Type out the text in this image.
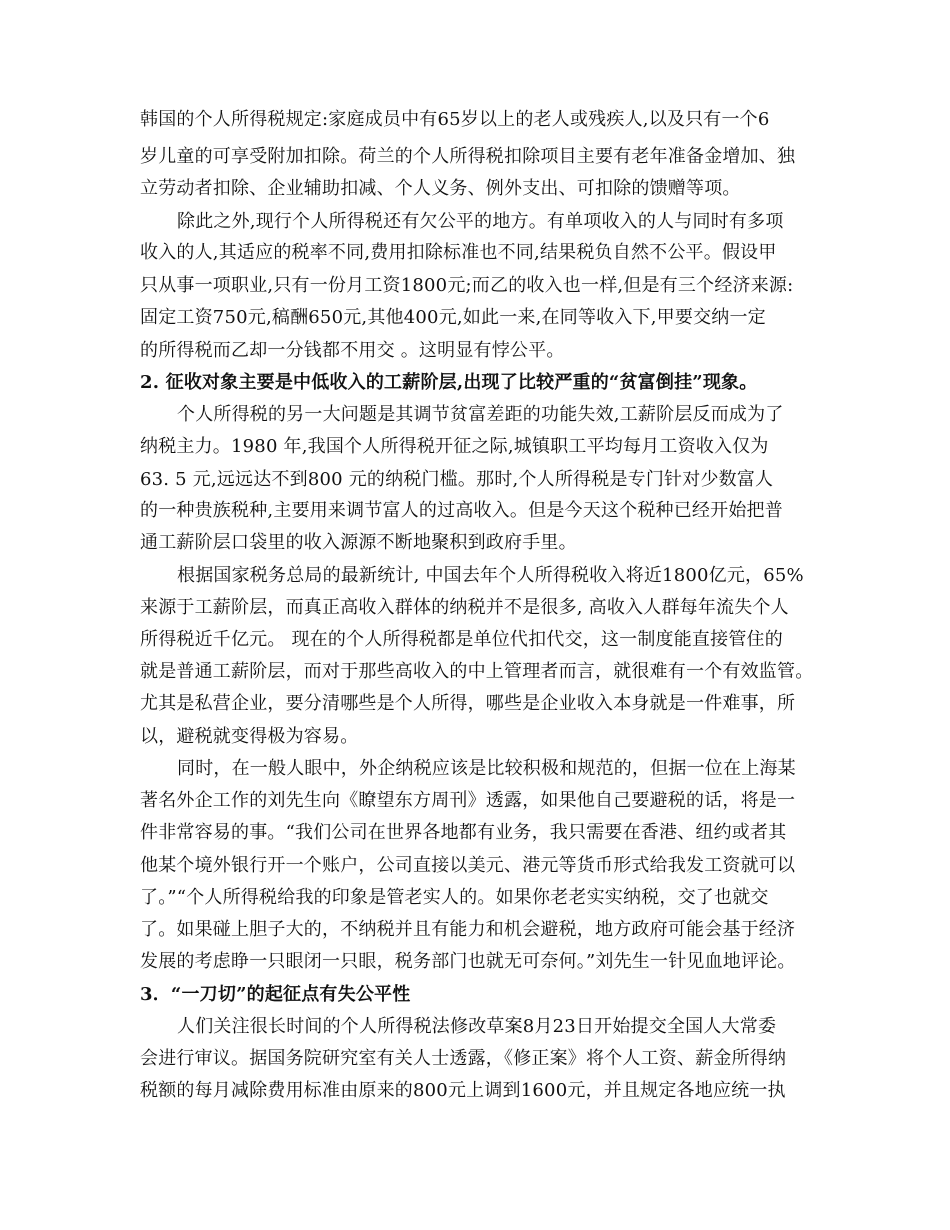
韩国的个人所得税规定:家庭成员中有65岁以上的老人或残疾人,以及只有一个6
岁儿童的可享受附加扣除。荷兰的个人所得税扣除项目主要有老年准备金增加、独
立劳动者扣除、企业辅助扣减、个人义务、例外支出、可扣除的馈赠等项。
除此之外,现行个人所得税还有欠公平的地方。有单项收入的人与同时有多项
收入的人,其适应的税率不同,费用扣除标准也不同,结果税负自然不公平。假设甲
只从事一项职业,只有一份月工资1800元;而乙的收入也一样,但是有三个经济来源:
固定工资750元,稿酬650元,其他400元,如此一来,在同等收入下,甲要交纳一定
的所得税而乙却一分钱都不用交 。这明显有悖公平。
2. 征收对象主要是中低收入的工薪阶层,出现了比较严重的“贫富倒挂”现象。
个人所得税的另一大问题是其调节贫富差距的功能失效,工薪阶层反而成为了
纳税主力。1980 年,我国个人所得税开征之际,城镇职工平均每月工资收入仅为
63. 5 元,远远达不到800 元的纳税门槛。那时,个人所得税是专门针对少数富人
的一种贵族税种,主要用来调节富人的过高收入。但是今天这个税种已经开始把普
通工薪阶层口袋里的收入源源不断地聚积到政府手里。
根据国家税务总局的最新统计, 中国去年个人所得税收入将近1800亿元，65%
来源于工薪阶层，而真正高收入群体的纳税并不是很多, 高收入人群每年流失个人
所得税近千亿元。 现在的个人所得税都是单位代扣代交，这一制度能直接管住的
就是普通工薪阶层，而对于那些高收入的中上管理者而言，就很难有一个有效监管。
尤其是私营企业，要分清哪些是个人所得，哪些是企业收入本身就是一件难事，所
以，避税就变得极为容易。
同时，在一般人眼中，外企纳税应该是比较积极和规范的，但据一位在上海某
著名外企工作的刘先生向《瞭望东方周刊》透露，如果他自己要避税的话，将是一
件非常容易的事。“我们公司在世界各地都有业务，我只需要在香港、纽约或者其
他某个境外银行开一个账户，公司直接以美元、港元等货币形式给我发工资就可以
了。”“个人所得税给我的印象是管老实人的。如果你老老实实纳税，交了也就交
了。如果碰上胆子大的，不纳税并且有能力和机会避税，地方政府可能会基于经济
发展的考虑睁一只眼闭一只眼，税务部门也就无可奈何。”刘先生一针见血地评论。
3．“一刀切”的起征点有失公平性
人们关注很长时间的个人所得税法修改草案8月23日开始提交全国人大常委
会进行审议。据国务院研究室有关人士透露，《修正案》将个人工资、薪金所得纳
税额的每月减除费用标准由原来的800元上调到1600元，并且规定各地应统一执
